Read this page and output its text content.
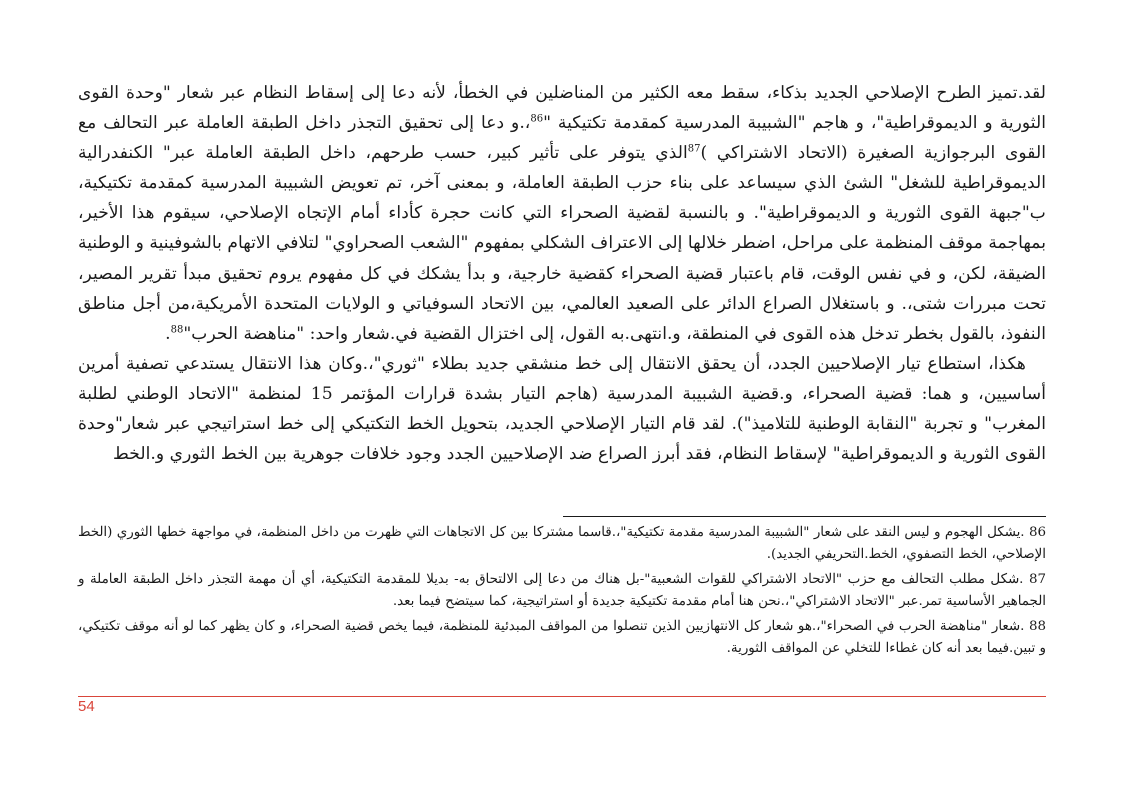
لقد.تميز الطرح الإصلاحي الجديد بذكاء، سقط معه الكثير من المناضلين في الخطأ، لأنه دعا إلى إسقاط النظام عبر شعار "وحدة القوى الثورية و الديموقراطية"، و هاجم "الشبيبة المدرسية كمقدمة تكتيكية "$^{86}$،.و دعا إلى تحقيق التجذر داخل الطبقة العاملة عبر التحالف مع القوى البرجوازية الصغيرة (الاتحاد الاشتراكي )$^{87}$الذي يتوفر على تأثير كبير، حسب طرحهم، داخل الطبقة العاملة عبر" الكنفدرالية الديموقراطية للشغل" الشئ الذي سيساعد على بناء حزب الطبقة العاملة، و بمعنى آخر، تم تعويض الشبيبة المدرسية كمقدمة تكتيكية، ب"جبهة القوى الثورية و الديموقراطية". و بالنسبة لقضية الصحراء التي كانت حجرة كأداء أمام الإتجاه الإصلاحي، سيقوم هذا الأخير، بمهاجمة موقف المنظمة على مراحل، اضطر خلالها إلى الاعتراف الشكلي بمفهوم "الشعب الصحراوي" لتلافي الاتهام بالشوفينية و الوطنية الضيقة، لكن، و في نفس الوقت، قام باعتبار قضية الصحراء كقضية خارجية، و بدأ يشكك في كل مفهوم يروم تحقيق مبدأ تقرير المصير، تحت مبررات شتى،. و باستغلال الصراع الدائر على الصعيد العالمي، بين الاتحاد السوفياتي و الولايات المتحدة الأمريكية،من أجل مناطق النفوذ، بالقول بخطر تدخل هذه القوى في المنطقة، و.انتهى.به القول، إلى اختزال القضية في.شعار واحد: "مناهضة الحرب"$^{88}$.

هكذا، استطاع تيار الإصلاحيين الجدد، أن يحقق الانتقال إلى خط منشقي جديد بطلاء "ثوري"،.وكان هذا الانتقال يستدعي تصفية أمرين أساسيين، و هما: قضية الصحراء، و.قضية الشبيبة المدرسية (هاجم التيار بشدة قرارات المؤتمر 15 لمنظمة "الاتحاد الوطني لطلبة المغرب" و تجربة "النقابة الوطنية للتلاميذ"). لقد قام التيار الإصلاحي الجديد، بتحويل الخط التكتيكي إلى خط استراتيجي عبر شعار"وحدة القوى الثورية و الديموقراطية" لإسقاط النظام، فقد أبرز الصراع ضد الإصلاحيين الجدد وجود خلافات جوهرية بين الخط الثوري و.الخط

86 .يشكل الهجوم و ليس النقد على شعار "الشبيبة المدرسية مقدمة تكتيكية"،.قاسما مشتركا بين كل الاتجاهات التي ظهرت من داخل المنظمة، في مواجهة خطها الثوري (الخط الإصلاحي، الخط التصفوي، الخط.التحريفي الجديد).

87 .شكل مطلب التحالف مع حزب "الاتحاد الاشتراكي للقوات الشعبية"-بل هناك من دعا إلى الالتحاق به- بديلا للمقدمة التكتيكية، أي أن مهمة التجذر داخل الطبقة العاملة و الجماهير الأساسية تمر.عبر "الاتحاد الاشتراكي"،.نحن هنا أمام مقدمة تكتيكية جديدة أو استراتيجية، كما سيتضح فيما بعد.

88 .شعار "مناهضة الحرب في الصحراء"،.هو شعار كل الانتهازيين الذين تنصلوا من المواقف المبدئية للمنظمة، فيما يخص قضية الصحراء، و كان يظهر كما لو أنه موقف تكتيكي، و تبين.فيما بعد أنه كان غطاءا للتخلي عن المواقف الثورية.

54
